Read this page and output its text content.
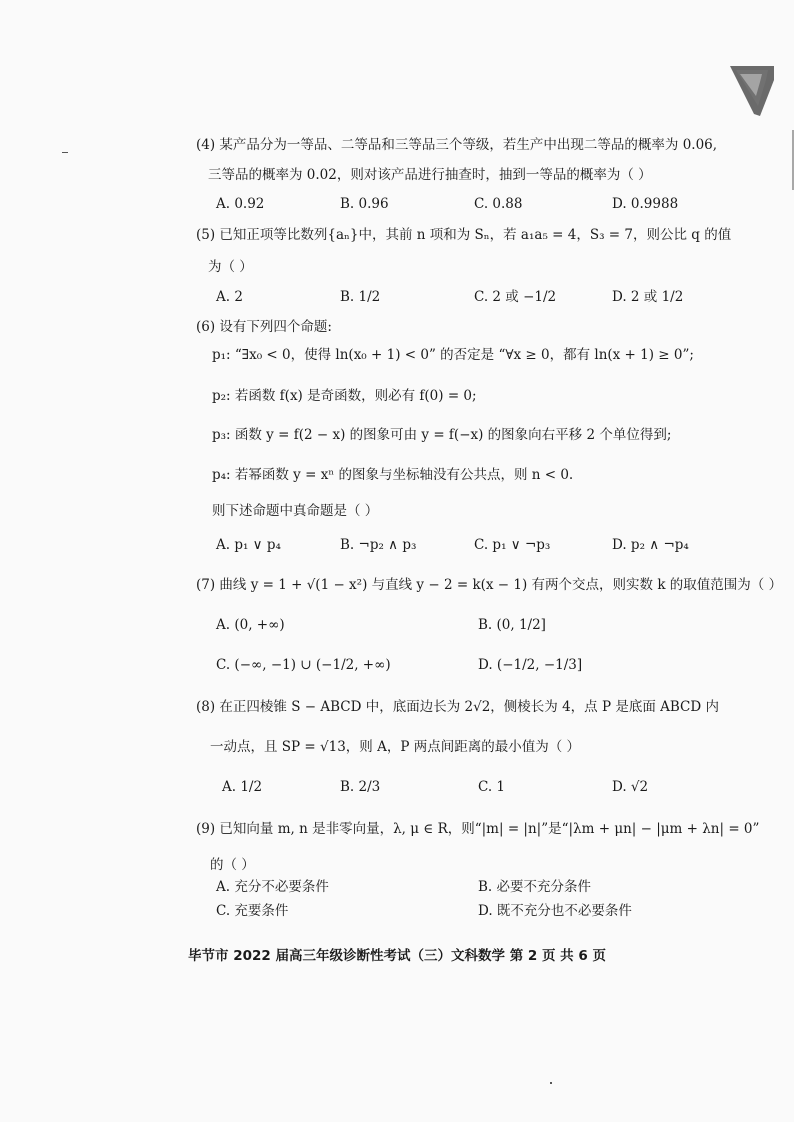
(4) 某产品分为一等品、二等品和三等品三个等级，若生产中出现二等品的概率为 0.06,
三等品的概率为 0.02，则对该产品进行抽查时，抽到一等品的概率为（ ）
A. 0.92	B. 0.96	C. 0.88	D. 0.9988
(5) 已知正项等比数列{aₙ}中，其前 n 项和为 Sₙ，若 a₁a₅ = 4，S₃ = 7，则公比 q 的值
为（ ）
A. 2	B. 1/2	C. 2 或 −1/2	D. 2 或 1/2
(6) 设有下列四个命题:
p₁: “∃x₀ < 0，使得 ln(x₀ + 1) < 0” 的否定是 “∀x ≥ 0，都有 ln(x + 1) ≥ 0”;
p₂: 若函数 f(x) 是奇函数，则必有 f(0) = 0;
p₃: 函数 y = f(2 − x) 的图象可由 y = f(−x) 的图象向右平移 2 个单位得到;
p₄: 若幂函数 y = xⁿ 的图象与坐标轴没有公共点，则 n < 0.
则下述命题中真命题是（ ）
A. p₁ ∨ p₄	B. ¬p₂ ∧ p₃	C. p₁ ∨ ¬p₃	D. p₂ ∧ ¬p₄
(7) 曲线 y = 1 + √(1 − x²) 与直线 y − 2 = k(x − 1) 有两个交点，则实数 k 的取值范围为（ ）
A. (0, +∞)	B. (0, 1/2]
C. (−∞, −1) ∪ (−1/2, +∞)	D. (−1/2, −1/3]
(8) 在正四棱锥 S − ABCD 中，底面边长为 2√2，侧棱长为 4，点 P 是底面 ABCD 内
一动点，且 SP = √13，则 A，P 两点间距离的最小值为（ ）
A. 1/2	B. 2/3	C. 1	D. √2
(9) 已知向量 m, n 是非零向量，λ, μ ∈ R，则“|m| = |n|”是“|λm + μn| − |μm + λn| = 0”
的（ ）
A. 充分不必要条件	B. 必要不充分条件
C. 充要条件	D. 既不充分也不必要条件
毕节市 2022 届高三年级诊断性考试（三）文科数学 第 2 页 共 6 页
